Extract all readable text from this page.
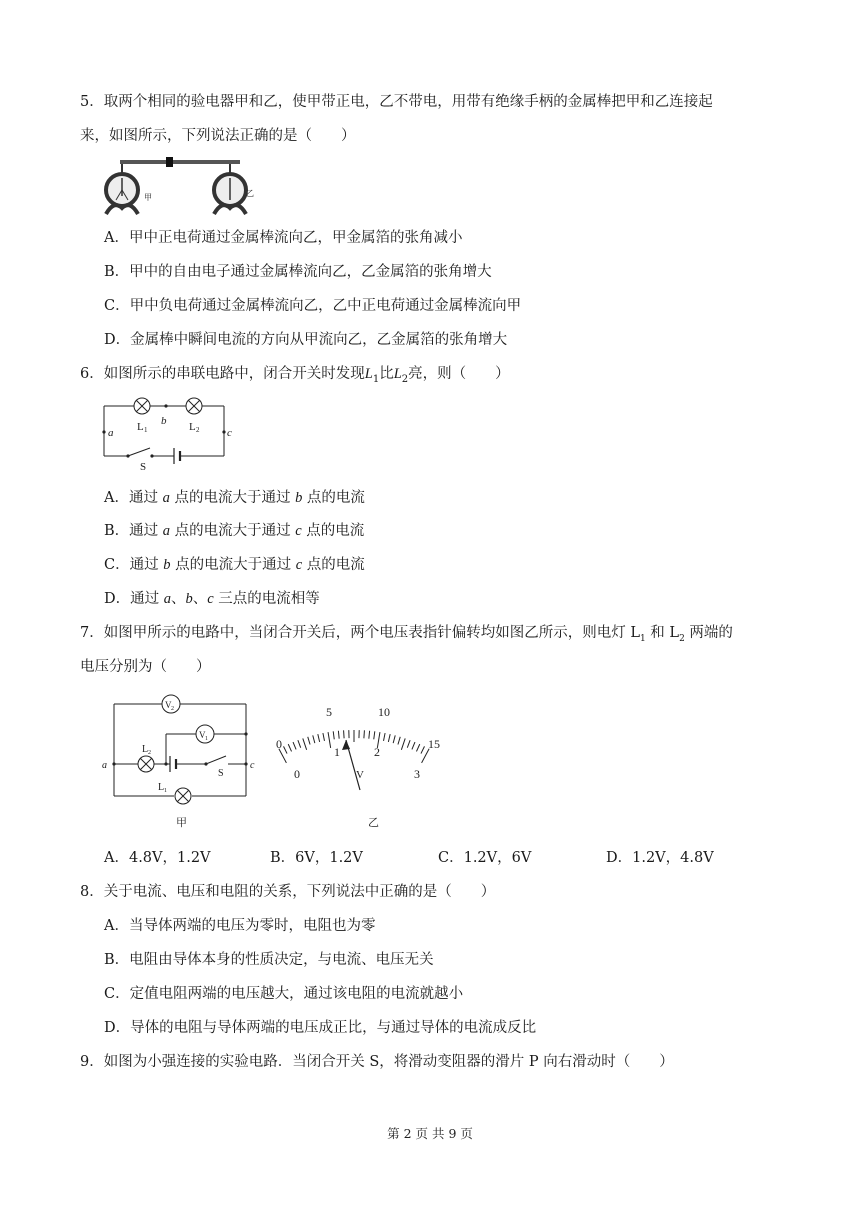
5．取两个相同的验电器甲和乙，使甲带正电，乙不带电，用带有绝缘手柄的金属棒把甲和乙连接起
来，如图所示，下列说法正确的是（　　）
甲	乙
A．甲中正电荷通过金属棒流向乙，甲金属箔的张角减小
B．甲中的自由电子通过金属棒流向乙，乙金属箔的张角增大
C．甲中负电荷通过金属棒流向乙，乙中正电荷通过金属棒流向甲
D．金属棒中瞬间电流的方向从甲流向乙，乙金属箔的张角增大
6．如图所示的串联电路中，闭合开关时发现$L_1$比$L_2$亮，则（　　）
a
b
c
L 1	L 2
S
A．通过 a 点的电流大于通过 b 点的电流
B．通过 a 点的电流大于通过 c 点的电流
C．通过 b 点的电流大于通过 c 点的电流
D．通过 a、b、c 三点的电流相等
7．如图甲所示的电路中，当闭合开关后，两个电压表指针偏转均如图乙所示，则电灯 $L_1$ 和 $L_2$ 两端的
电压分别为（　　）
V 2
V 1
a	c
L 2
L 1
S
甲
0
5	10
15
0
1	2
3
V
乙
A．4.8V，1.2V	B．6V，1.2V	C．1.2V，6V	D．1.2V，4.8V
8．关于电流、电压和电阻的关系，下列说法中正确的是（　　）
A．当导体两端的电压为零时，电阻也为零
B．电阻由导体本身的性质决定，与电流、电压无关
C．定值电阻两端的电压越大，通过该电阻的电流就越小
D．导体的电阻与导体两端的电压成正比，与通过导体的电流成反比
9．如图为小强连接的实验电路．当闭合开关 S，将滑动变阻器的滑片 P 向右滑动时（　　）
第 2 页 共 9 页
